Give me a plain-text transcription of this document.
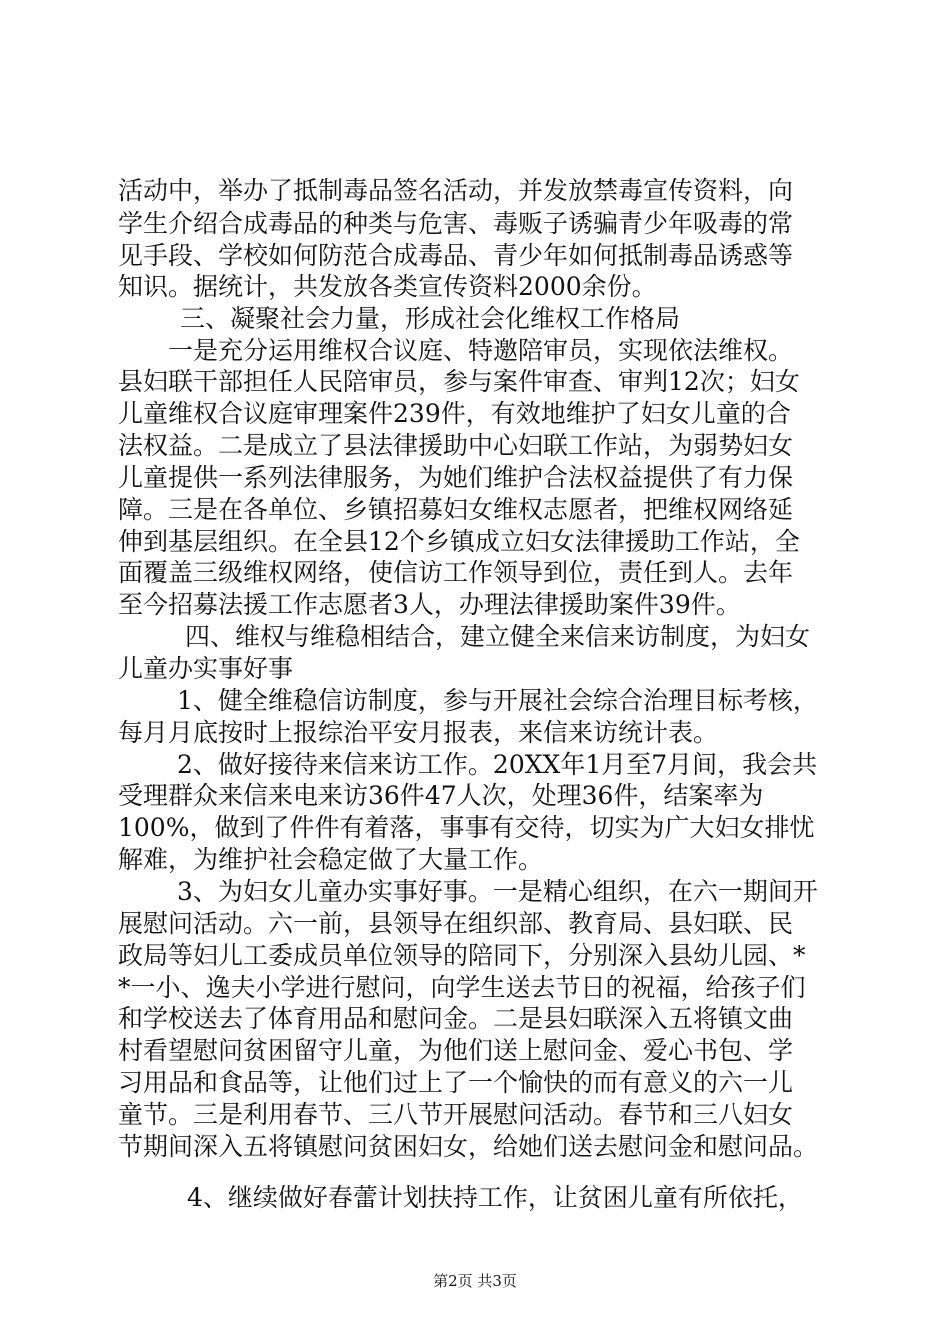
活动中，举办了抵制毒品签名活动，并发放禁毒宣传资料，向
学生介绍合成毒品的种类与危害、毒贩子诱骗青少年吸毒的常
见手段、学校如何防范合成毒品、青少年如何抵制毒品诱惑等
知识。据统计，共发放各类宣传资料2000余份。
三、凝聚社会力量，形成社会化维权工作格局
一是充分运用维权合议庭、特邀陪审员，实现依法维权。
县妇联干部担任人民陪审员，参与案件审查、审判12次；妇女
儿童维权合议庭审理案件239件，有效地维护了妇女儿童的合
法权益。二是成立了县法律援助中心妇联工作站，为弱势妇女
儿童提供一系列法律服务，为她们维护合法权益提供了有力保
障。三是在各单位、乡镇招募妇女维权志愿者，把维权网络延
伸到基层组织。在全县12个乡镇成立妇女法律援助工作站，全
面覆盖三级维权网络，使信访工作领导到位，责任到人。去年
至今招募法援工作志愿者3人，办理法律援助案件39件。
四、维权与维稳相结合，建立健全来信来访制度，为妇女
儿童办实事好事
1、健全维稳信访制度，参与开展社会综合治理目标考核，
每月月底按时上报综治平安月报表，来信来访统计表。
2、做好接待来信来访工作。20XX年1月至7月间，我会共
受理群众来信来电来访36件47人次，处理36件，结案率为
100%，做到了件件有着落，事事有交待，切实为广大妇女排忧
解难，为维护社会稳定做了大量工作。
3、为妇女儿童办实事好事。一是精心组织，在六一期间开
展慰问活动。六一前，县领导在组织部、教育局、县妇联、民
政局等妇儿工委成员单位领导的陪同下，分别深入县幼儿园、*
*一小、逸夫小学进行慰问，向学生送去节日的祝福，给孩子们
和学校送去了体育用品和慰问金。二是县妇联深入五将镇文曲
村看望慰问贫困留守儿童，为他们送上慰问金、爱心书包、学
习用品和食品等，让他们过上了一个愉快的而有意义的六一儿
童节。三是利用春节、三八节开展慰问活动。春节和三八妇女
节期间深入五将镇慰问贫困妇女，给她们送去慰问金和慰问品。
4、继续做好春蕾计划扶持工作，让贫困儿童有所依托，
第2页 共3页
